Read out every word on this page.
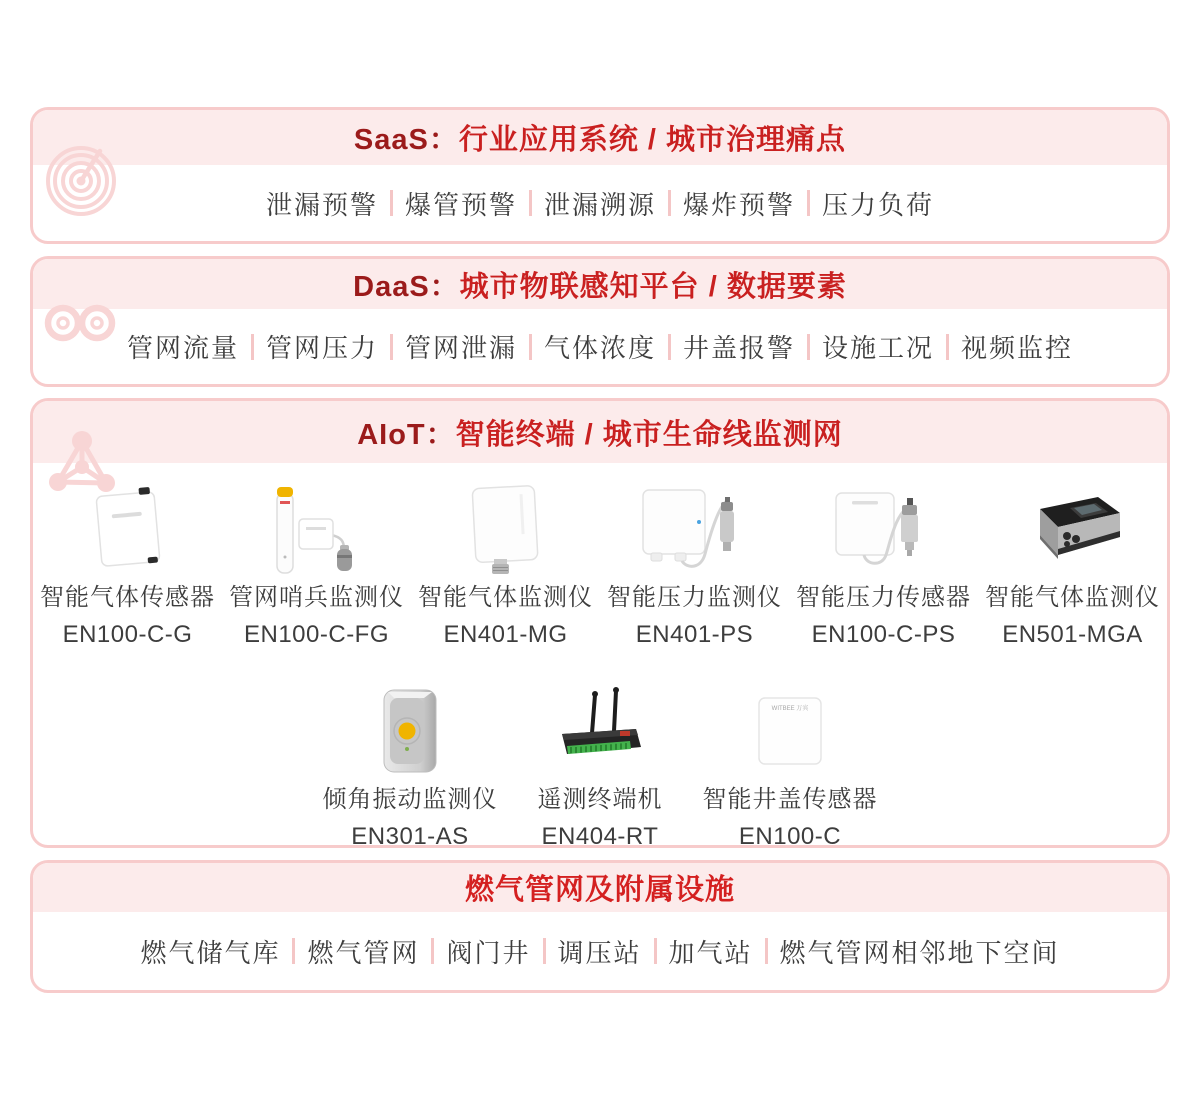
SaaS：行业应用系统 / 城市治理痛点
泄漏预警 爆管预警 泄漏溯源 爆炸预警 压力负荷
DaaS：城市物联感知平台 / 数据要素
管网流量 管网压力 管网泄漏 气体浓度 井盖报警 设施工况 视频监控
AIoT：智能终端 / 城市生命线监测网
智能气体传感器
EN100-C-G
管网哨兵监测仪
EN100-C-FG
智能气体监测仪
EN401-MG
智能压力监测仪
EN401-PS
智能压力传感器
EN100-C-PS
智能气体监测仪
EN501-MGA
倾角振动监测仪
EN301-AS
遥测终端机
EN404-RT
WITBEE 万宾
智能井盖传感器
EN100-C
燃气管网及附属设施
燃气储气库 燃气管网 阀门井 调压站 加气站 燃气管网相邻地下空间
